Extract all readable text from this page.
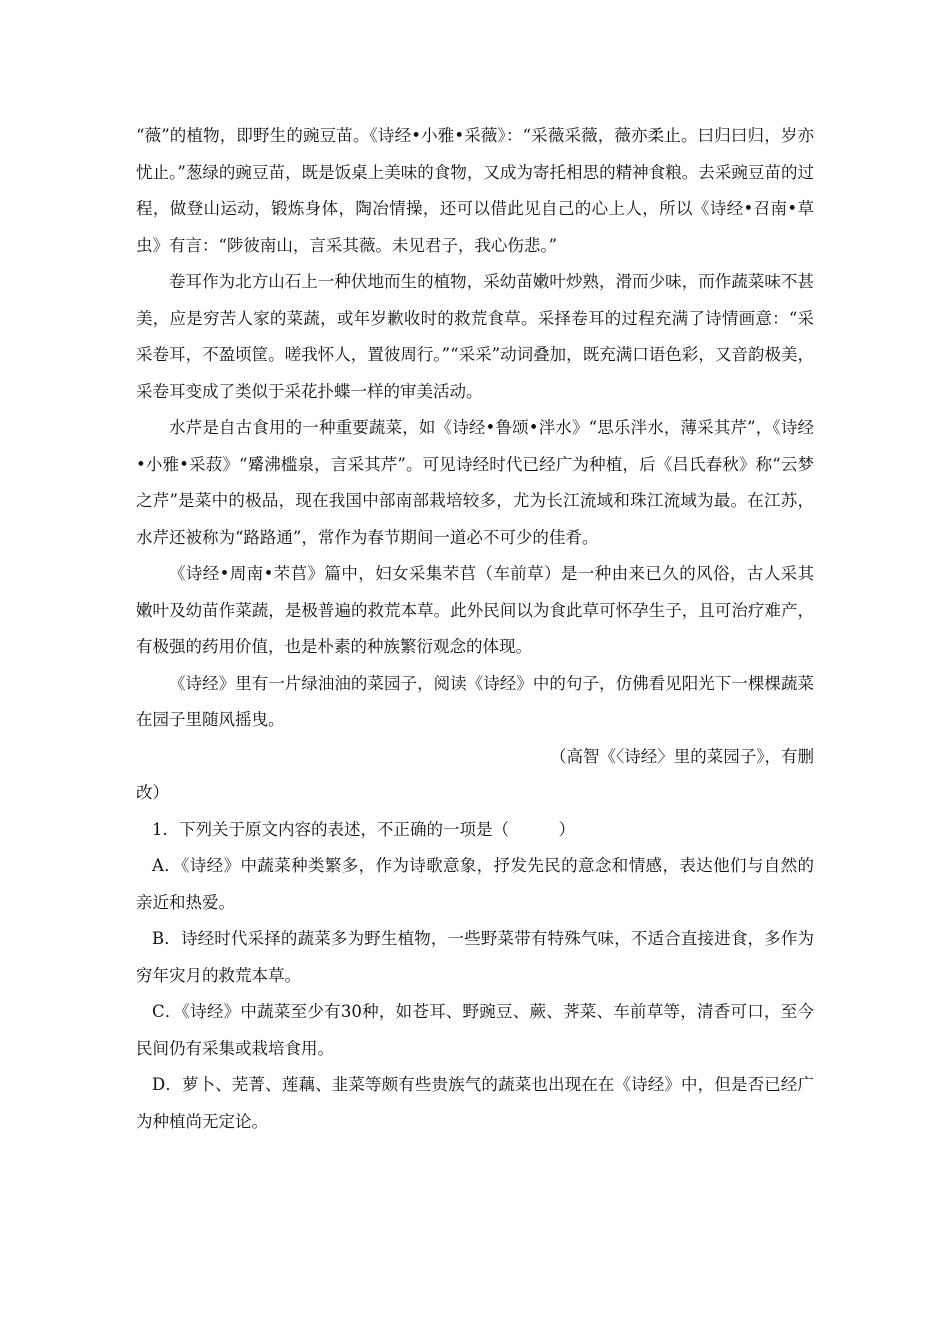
“薇”的植物，即野生的豌豆苗。《诗经•小雅•采薇》：“采薇采薇，薇亦柔止。曰归曰归，岁亦忧止。”葱绿的豌豆苗，既是饭桌上美味的食物，又成为寄托相思的精神食粮。去采豌豆苗的过程，做登山运动，锻炼身体，陶冶情操，还可以借此见自己的心上人，所以《诗经•召南•草虫》有言：“陟彼南山，言采其薇。未见君子，我心伤悲。”

卷耳作为北方山石上一种伏地而生的植物，采幼苗嫩叶炒熟，滑而少味，而作蔬菜味不甚美，应是穷苦人家的菜蔬，或年岁歉收时的救荒食草。采择卷耳的过程充满了诗情画意：“采采卷耳，不盈顷筐。嗟我怀人，置彼周行。”“采采”动词叠加，既充满口语色彩，又音韵极美，采卷耳变成了类似于采花扑蝶一样的审美活动。

水芹是自古食用的一种重要蔬菜，如《诗经•鲁颂•泮水》“思乐泮水，薄采其芹”，《诗经•小雅•采菽》“觱沸槛泉，言采其芹”。可见诗经时代已经广为种植，后《吕氏春秋》称“云梦之芹”是菜中的极品，现在我国中部南部栽培较多，尤为长江流域和珠江流域为最。在江苏，水芹还被称为“路路通”，常作为春节期间一道必不可少的佳肴。

《诗经•周南•芣苢》篇中，妇女采集芣苢（车前草）是一种由来已久的风俗，古人采其嫩叶及幼苗作菜蔬，是极普遍的救荒本草。此外民间以为食此草可怀孕生子，且可治疗难产，有极强的药用价值，也是朴素的种族繁衍观念的体现。

《诗经》里有一片绿油油的菜园子，阅读《诗经》中的句子，仿佛看见阳光下一棵棵蔬菜在园子里随风摇曳。

（高智《〈诗经〉里的菜园子》，有删
改）

1．下列关于原文内容的表述，不正确的一项是（　　　）

A．《诗经》中蔬菜种类繁多，作为诗歌意象，抒发先民的意念和情感，表达他们与自然的亲近和热爱。

B．诗经时代采择的蔬菜多为野生植物，一些野菜带有特殊气味，不适合直接进食，多作为穷年灾月的救荒本草。

C．《诗经》中蔬菜至少有30种，如苍耳、野豌豆、蕨、荠菜、车前草等，清香可口，至今民间仍有采集或栽培食用。

D．萝卜、芜菁、莲藕、韭菜等颇有些贵族气的蔬菜也出现在在《诗经》中，但是否已经广为种植尚无定论。
